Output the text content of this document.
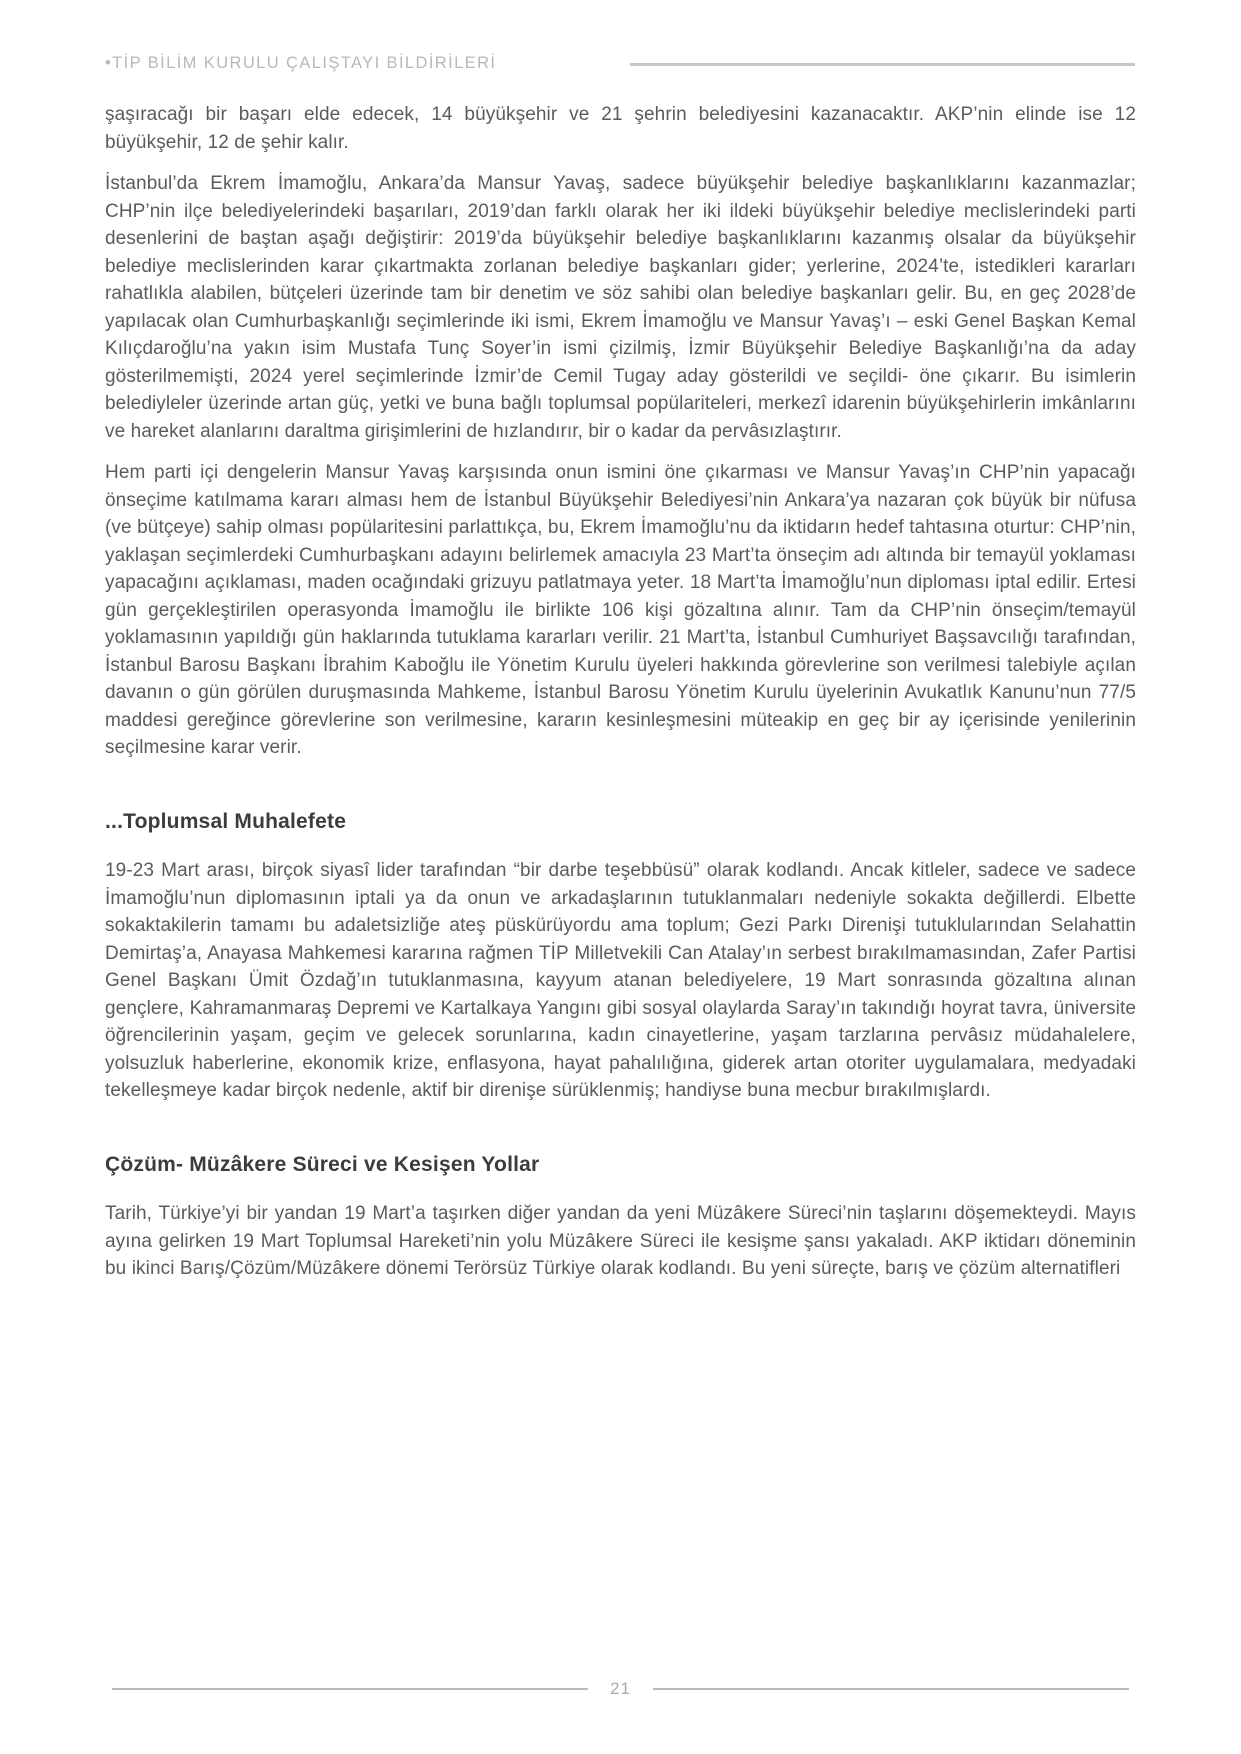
•TİP BİLİM KURULU ÇALIŞTAYI BİLDİRİLERİ

şaşıracağı bir başarı elde edecek, 14 büyükşehir ve 21 şehrin belediyesini kazanacaktır. AKP’nin elinde ise 12 büyükşehir, 12 de şehir kalır.

İstanbul’da Ekrem İmamoğlu, Ankara’da Mansur Yavaş, sadece büyükşehir belediye başkanlıklarını kazanmazlar; CHP’nin ilçe belediyelerindeki başarıları, 2019’dan farklı olarak her iki ildeki büyükşehir belediye meclislerindeki parti desenlerini de baştan aşağı değiştirir: 2019’da büyükşehir belediye başkanlıklarını kazanmış olsalar da büyükşehir belediye meclislerinden karar çıkartmakta zorlanan belediye başkanları gider; yerlerine, 2024’te, istedikleri kararları rahatlıkla alabilen, bütçeleri üzerinde tam bir denetim ve söz sahibi olan belediye başkanları gelir. Bu, en geç 2028’de yapılacak olan Cumhurbaşkanlığı seçimlerinde iki ismi, Ekrem İmamoğlu ve Mansur Yavaş’ı – eski Genel Başkan Kemal Kılıçdaroğlu’na yakın isim Mustafa Tunç Soyer’in ismi çizilmiş, İzmir Büyükşehir Belediye Başkanlığı’na da aday gösterilmemişti, 2024 yerel seçimlerinde İzmir’de Cemil Tugay aday gösterildi ve seçildi- öne çıkarır. Bu isimlerin belediyleler üzerinde artan güç, yetki ve buna bağlı toplumsal popülariteleri, merkezî idarenin büyükşehirlerin imkânlarını ve hareket alanlarını daraltma girişimlerini de hızlandırır, bir o kadar da pervâsızlaştırır.

Hem parti içi dengelerin Mansur Yavaş karşısında onun ismini öne çıkarması ve Mansur Yavaş’ın CHP’nin yapacağı önseçime katılmama kararı alması hem de İstanbul Büyükşehir Belediyesi’nin Ankara’ya nazaran çok büyük bir nüfusa (ve bütçeye) sahip olması popülaritesini parlattıkça, bu, Ekrem İmamoğlu’nu da iktidarın hedef tahtasına oturtur: CHP’nin, yaklaşan seçimlerdeki Cumhurbaşkanı adayını belirlemek amacıyla 23 Mart’ta önseçim adı altında bir temayül yoklaması yapacağını açıklaması, maden ocağındaki grizuyu patlatmaya yeter. 18 Mart’ta İmamoğlu’nun diploması iptal edilir. Ertesi gün gerçekleştirilen operasyonda İmamoğlu ile birlikte 106 kişi gözaltına alınır. Tam da CHP’nin önseçim/temayül yoklamasının yapıldığı gün haklarında tutuklama kararları verilir. 21 Mart’ta, İstanbul Cumhuriyet Başsavcılığı tarafından, İstanbul Barosu Başkanı İbrahim Kaboğlu ile Yönetim Kurulu üyeleri hakkında görevlerine son verilmesi talebiyle açılan davanın o gün görülen duruşmasında Mahkeme, İstanbul Barosu Yönetim Kurulu üyelerinin Avukatlık Kanunu’nun 77/5 maddesi gereğince görevlerine son verilmesine, kararın kesinleşmesini müteakip en geç bir ay içerisinde yenilerinin seçilmesine karar verir.

...Toplumsal Muhalefete

19-23 Mart arası, birçok siyasî lider tarafından “bir darbe teşebbüsü” olarak kodlandı. Ancak kitleler, sadece ve sadece İmamoğlu’nun diplomasının iptali ya da onun ve arkadaşlarının tutuklanmaları nedeniyle sokakta değillerdi. Elbette sokaktakilerin tamamı bu adaletsizliğe ateş püskürüyordu ama toplum; Gezi Parkı Direnişi tutuklularından Selahattin Demirtaş’a, Anayasa Mahkemesi kararına rağmen TİP Milletvekili Can Atalay’ın serbest bırakılmamasından, Zafer Partisi Genel Başkanı Ümit Özdağ’ın tutuklanmasına, kayyum atanan belediyelere, 19 Mart sonrasında gözaltına alınan gençlere, Kahramanmaraş Depremi ve Kartalkaya Yangını gibi sosyal olaylarda Saray’ın takındığı hoyrat tavra, üniversite öğrencilerinin yaşam, geçim ve gelecek sorunlarına, kadın cinayetlerine, yaşam tarzlarına pervâsız müdahalelere, yolsuzluk haberlerine, ekonomik krize, enflasyona, hayat pahalılığına, giderek artan otoriter uygulamalara, medyadaki tekelleşmeye kadar birçok nedenle, aktif bir direnişe sürüklenmiş; handiyse buna mecbur bırakılmışlardı.

Çözüm- Müzâkere Süreci ve Kesişen Yollar

Tarih, Türkiye’yi bir yandan 19 Mart’a taşırken diğer yandan da yeni Müzâkere Süreci’nin taşlarını döşemekteydi. Mayıs ayına gelirken 19 Mart Toplumsal Hareketi’nin yolu Müzâkere Süreci ile kesişme şansı yakaladı. AKP iktidarı döneminin bu ikinci Barış/Çözüm/Müzâkere dönemi Terörsüz Türkiye olarak kodlandı. Bu yeni süreçte, barış ve çözüm alternatifleri

21
